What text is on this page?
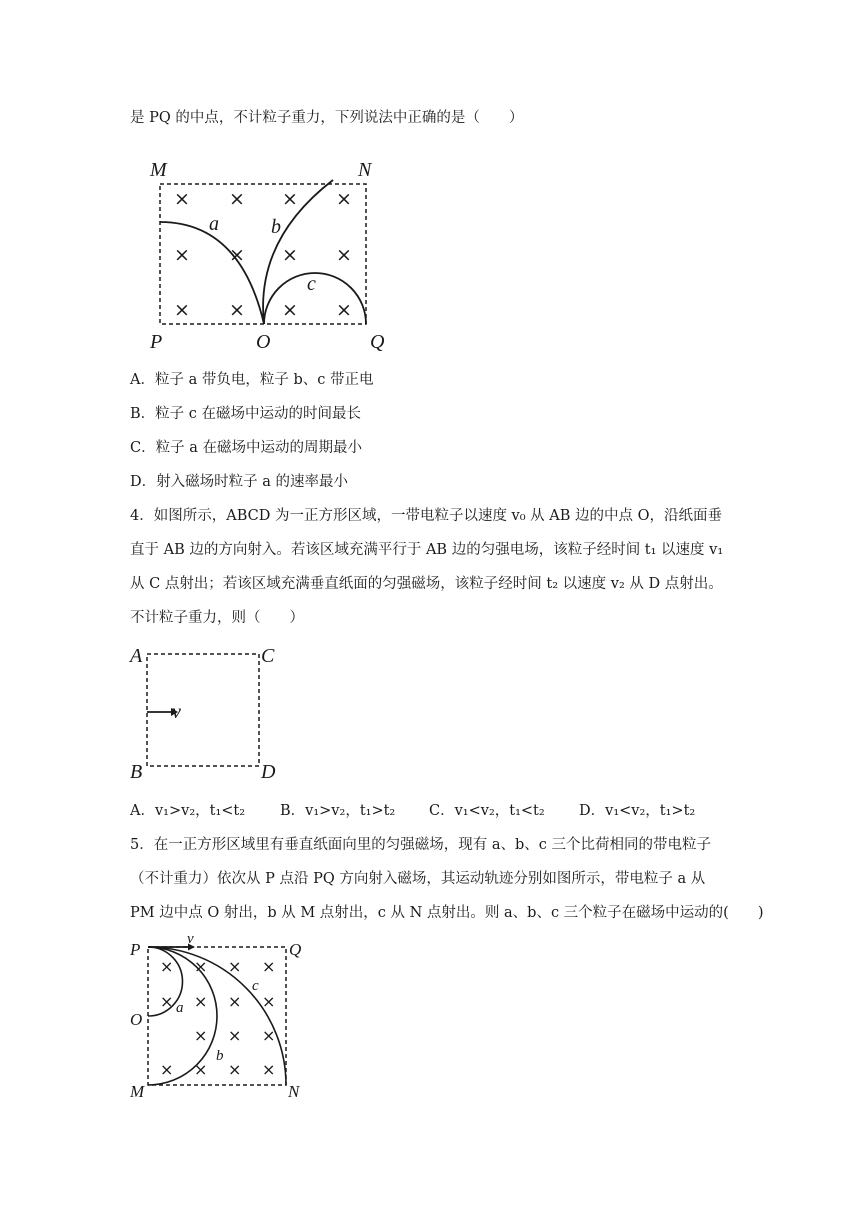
是 PQ 的中点，不计粒子重力，下列说法中正确的是（　　）
× × × ×
× × × ×
× × × ×
M	N
P	O	Q
a	b
c
A．粒子 a 带负电，粒子 b、c 带正电
B．粒子 c 在磁场中运动的时间最长
C．粒子 a 在磁场中运动的周期最小
D．射入磁场时粒子 a 的速率最小
4．如图所示，ABCD 为一正方形区域，一带电粒子以速度 v₀ 从 AB 边的中点 O，沿纸面垂
直于 AB 边的方向射入。若该区域充满平行于 AB 边的匀强电场，该粒子经时间 t₁ 以速度 v₁
从 C 点射出；若该区域充满垂直纸面的匀强磁场，该粒子经时间 t₂ 以速度 v₂ 从 D 点射出。
不计粒子重力，则（　　）
v
A	C
B	D
A．v₁>v₂，t₁<t₂ B．v₁>v₂，t₁>t₂ C．v₁<v₂，t₁<t₂ D．v₁<v₂，t₁>t₂
5．在一正方形区域里有垂直纸面向里的匀强磁场，现有 a、b、c 三个比荷相同的带电粒子
（不计重力）依次从 P 点沿 PQ 方向射入磁场，其运动轨迹分别如图所示，带电粒子 a 从
PM 边中点 O 射出，b 从 M 点射出，c 从 N 点射出。则 a、b、c 三个粒子在磁场中运动的(　　)
× × × ×
× × × ×
× × ×
× × × ×
v
P	Q
O
M	N
a
b
c
